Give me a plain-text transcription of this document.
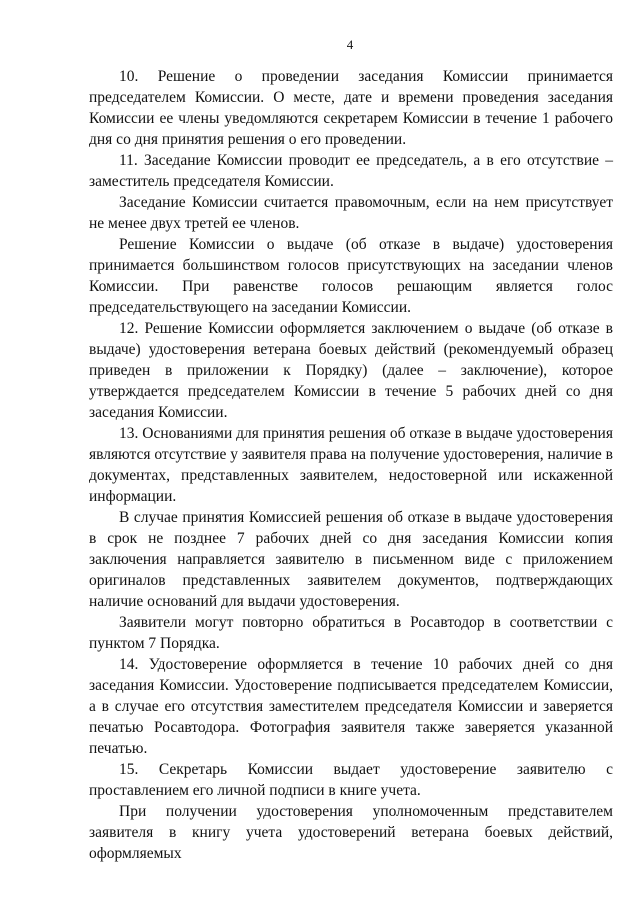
4

10. Решение о проведении заседания Комиссии принимается председателем Комиссии. О месте, дате и времени проведения заседания Комиссии ее члены уведомляются секретарем Комиссии в течение 1 рабочего дня со дня принятия решения о его проведении.

11. Заседание Комиссии проводит ее председатель, а в его отсутствие – заместитель председателя Комиссии.

Заседание Комиссии считается правомочным, если на нем присутствует не менее двух третей ее членов.

Решение Комиссии о выдаче (об отказе в выдаче) удостоверения принимается большинством голосов присутствующих на заседании членов Комиссии. При равенстве голосов решающим является голос председательствующего на заседании Комиссии.

12. Решение Комиссии оформляется заключением о выдаче (об отказе в выдаче) удостоверения ветерана боевых действий (рекомендуемый образец приведен в приложении к Порядку) (далее – заключение), которое утверждается председателем Комиссии в течение 5 рабочих дней со дня заседания Комиссии.

13. Основаниями для принятия решения об отказе в выдаче удостоверения являются отсутствие у заявителя права на получение удостоверения, наличие в документах, представленных заявителем, недостоверной или искаженной информации.

В случае принятия Комиссией решения об отказе в выдаче удостоверения в срок не позднее 7 рабочих дней со дня заседания Комиссии копия заключения направляется заявителю в письменном виде с приложением оригиналов представленных заявителем документов, подтверждающих наличие оснований для выдачи удостоверения.

Заявители могут повторно обратиться в Росавтодор в соответствии с пунктом 7 Порядка.

14. Удостоверение оформляется в течение 10 рабочих дней со дня заседания Комиссии. Удостоверение подписывается председателем Комиссии, а в случае его отсутствия заместителем председателя Комиссии и заверяется печатью Росавтодора. Фотография заявителя также заверяется указанной печатью.

15. Секретарь Комиссии выдает удостоверение заявителю с проставлением его личной подписи в книге учета.

При получении удостоверения уполномоченным представителем заявителя в книгу учета удостоверений ветерана боевых действий, оформляемых
